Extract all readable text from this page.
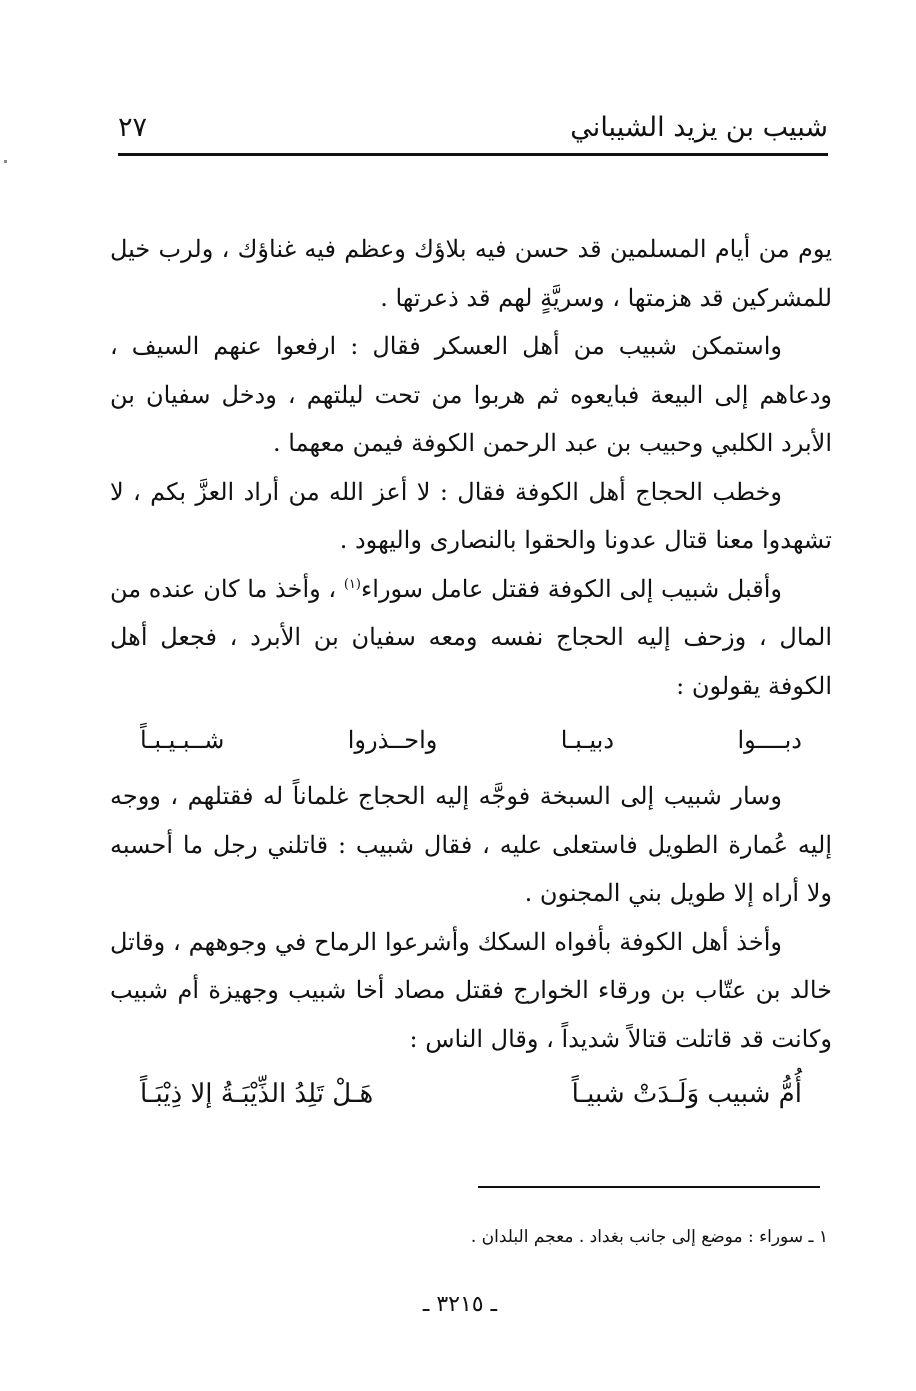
شبيب بن يزيد الشيباني
٢٧

يوم من أيام المسلمين قد حسن فيه بلاؤك وعظم فيه غناؤك ، ولرب خيل للمشركين قد هزمتها ، وسريَّةٍ لهم قد ذعرتها .

واستمكن شبيب من أهل العسكر فقال : ارفعوا عنهم السيف ، ودعاهم إلى البيعة فبايعوه ثم هربوا من تحت ليلتهم ، ودخل سفيان بن الأبرد الكلبي وحبيب بن عبد الرحمن الكوفة فيمن معهما .

وخطب الحجاج أهل الكوفة فقال : لا أعز الله من أراد العزَّ بكم ، لا تشهدوا معنا قتال عدونا والحقوا بالنصارى واليهود .

وأقبل شبيب إلى الكوفة فقتل عامل سوراء$^{(١)}$ ، وأخذ ما كان عنده من المال ، وزحف إليه الحجاج نفسه ومعه سفيان بن الأبرد ، فجعل أهل الكوفة يقولون :

دبــــوا
دبيـبـا
واحــذروا
شــبـيـبـاً

وسار شبيب إلى السبخة فوجَّه إليه الحجاج غلماناً له فقتلهم ، ووجه إليه عُمارة الطويل فاستعلى عليه ، فقال شبيب : قاتلني رجل ما أحسبه ولا أراه إلا طويل بني المجنون .

وأخذ أهل الكوفة بأفواه السكك وأشرعوا الرماح في وجوههم ، وقاتل خالد بن عتّاب بن ورقاء الخوارج فقتل مصاد أخا شبيب وجهيزة أم شبيب وكانت قد قاتلت قتالاً شديداً ، وقال الناس :

أُمُّ شبيب وَلَـدَتْ شبيـاً
هَـلْ تَلِدُ الذِّيْبَـةُ إلا ذِيْبَـاً
١ ـ سوراء : موضع إلى جانب بغداد . معجم البلدان .
ـ ٣٢١٥ ـ
